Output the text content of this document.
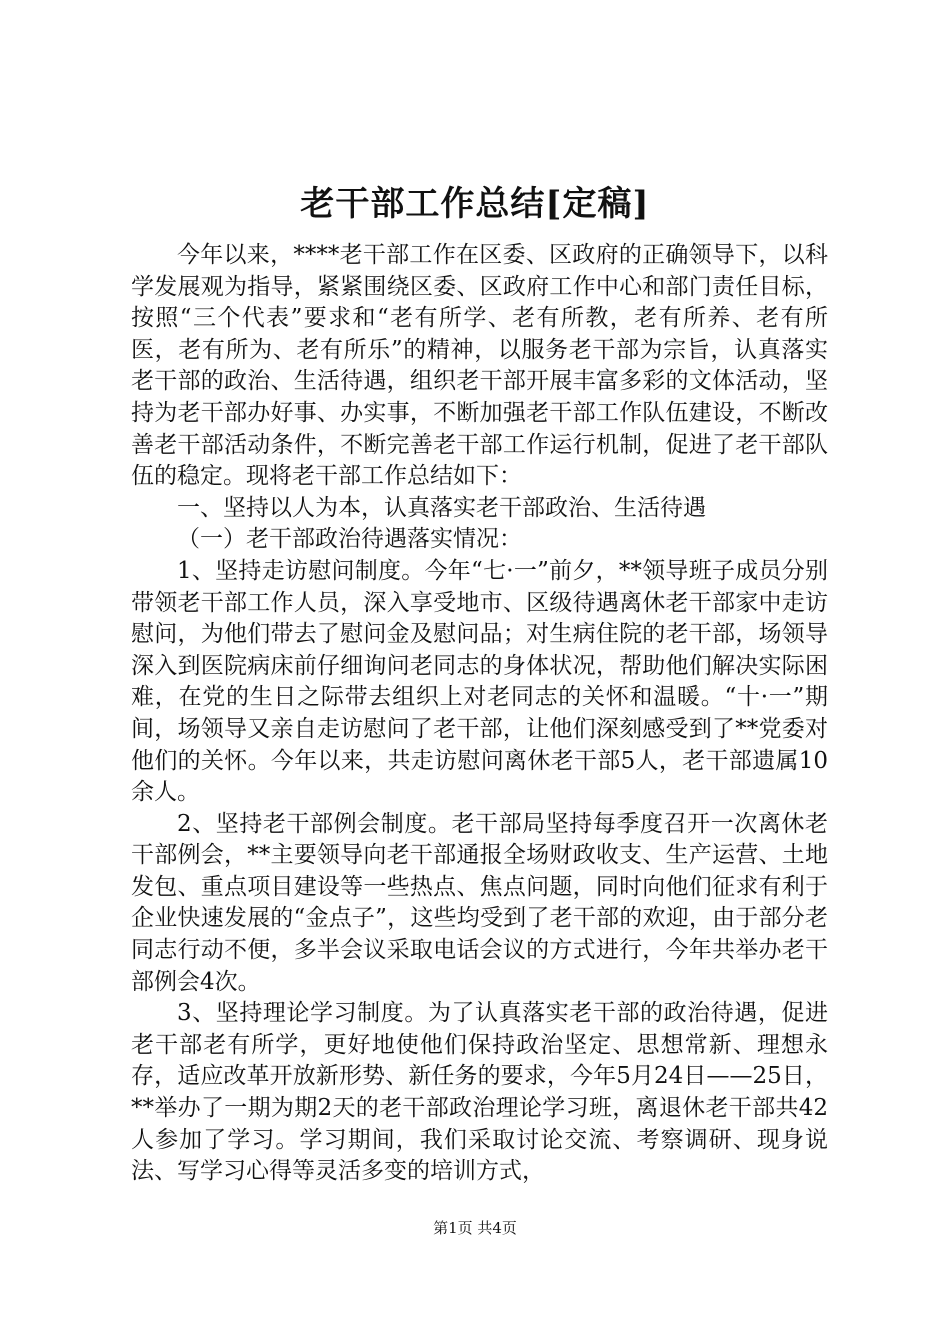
老干部工作总结[定稿]

今年以来，****老干部工作在区委、区政府的正确领导下，以科学发展观为指导，紧紧围绕区委、区政府工作中心和部门责任目标，按照“三个代表”要求和“老有所学、老有所教，老有所养、老有所医，老有所为、老有所乐”的精神，以服务老干部为宗旨，认真落实老干部的政治、生活待遇，组织老干部开展丰富多彩的文体活动，坚持为老干部办好事、办实事，不断加强老干部工作队伍建设，不断改善老干部活动条件，不断完善老干部工作运行机制，促进了老干部队伍的稳定。现将老干部工作总结如下：

一、坚持以人为本，认真落实老干部政治、生活待遇

（一）老干部政治待遇落实情况：

1、坚持走访慰问制度。今年“七·一”前夕，**领导班子成员分别带领老干部工作人员，深入享受地市、区级待遇离休老干部家中走访慰问，为他们带去了慰问金及慰问品；对生病住院的老干部，场领导深入到医院病床前仔细询问老同志的身体状况，帮助他们解决实际困难，在党的生日之际带去组织上对老同志的关怀和温暖。“十·一”期间，场领导又亲自走访慰问了老干部，让他们深刻感受到了**党委对他们的关怀。今年以来，共走访慰问离休老干部5人，老干部遗属10余人。

2、坚持老干部例会制度。老干部局坚持每季度召开一次离休老干部例会，**主要领导向老干部通报全场财政收支、生产运营、土地发包、重点项目建设等一些热点、焦点问题，同时向他们征求有利于企业快速发展的“金点子”，这些均受到了老干部的欢迎，由于部分老同志行动不便，多半会议采取电话会议的方式进行，今年共举办老干部例会4次。

3、坚持理论学习制度。为了认真落实老干部的政治待遇，促进老干部老有所学，更好地使他们保持政治坚定、思想常新、理想永存，适应改革开放新形势、新任务的要求，今年5月24日——25日，**举办了一期为期2天的老干部政治理论学习班，离退休老干部共42人参加了学习。学习期间，我们采取讨论交流、考察调研、现身说法、写学习心得等灵活多变的培训方式，

第1页 共4页
